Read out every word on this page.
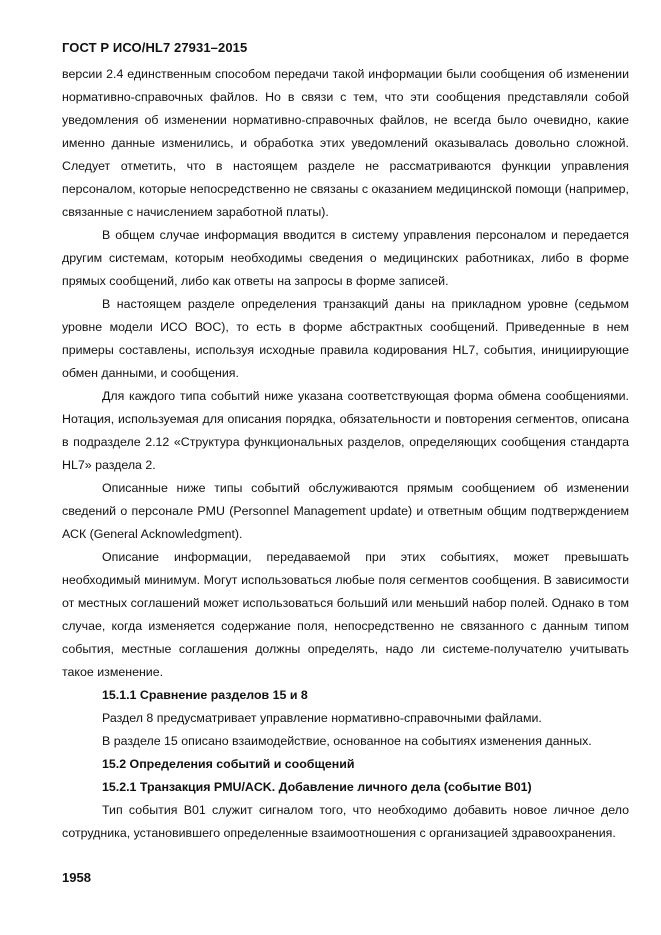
ГОСТ Р ИСО/HL7 27931–2015

версии 2.4 единственным способом передачи такой информации были сообщения об изменении нормативно-справочных файлов. Но в связи с тем, что эти сообщения представляли собой уведомления об изменении нормативно-справочных файлов, не всегда было очевидно, какие именно данные изменились, и обработка этих уведомлений оказывалась довольно сложной. Следует отметить, что в настоящем разделе не рассматриваются функции управления персоналом, которые непосредственно не связаны с оказанием медицинской помощи (например, связанные с начислением заработной платы).

В общем случае информация вводится в систему управления персоналом и передается другим системам, которым необходимы сведения о медицинских работниках, либо в форме прямых сообщений, либо как ответы на запросы в форме записей.

В настоящем разделе определения транзакций даны на прикладном уровне (седьмом уровне модели ИСО ВОС), то есть в форме абстрактных сообщений. Приведенные в нем примеры составлены, используя исходные правила кодирования HL7, события, инициирующие обмен данными, и сообщения.

Для каждого типа событий ниже указана соответствующая форма обмена сообщениями. Нотация, используемая для описания порядка, обязательности и повторения сегментов, описана в подразделе 2.12 «Структура функциональных разделов, определяющих сообщения стандарта HL7» раздела 2.

Описанные ниже типы событий обслуживаются прямым сообщением об изменении сведений о персонале PMU (Personnel Management update) и ответным общим подтверждением АСК (General Acknowledgment).

Описание информации, передаваемой при этих событиях, может превышать необходимый минимум. Могут использоваться любые поля сегментов сообщения. В зависимости от местных соглашений может использоваться больший или меньший набор полей. Однако в том случае, когда изменяется содержание поля, непосредственно не связанного с данным типом события, местные соглашения должны определять, надо ли системе-получателю учитывать такое изменение.

15.1.1 Сравнение разделов 15 и 8

Раздел 8 предусматривает управление нормативно-справочными файлами.

В разделе 15 описано взаимодействие, основанное на событиях изменения данных.

15.2 Определения событий и сообщений

15.2.1 Транзакция PMU/ACK. Добавление личного дела (событие В01)

Тип события В01 служит сигналом того, что необходимо добавить новое личное дело сотрудника, установившего определенные взаимоотношения с организацией здравоохранения.

1958
